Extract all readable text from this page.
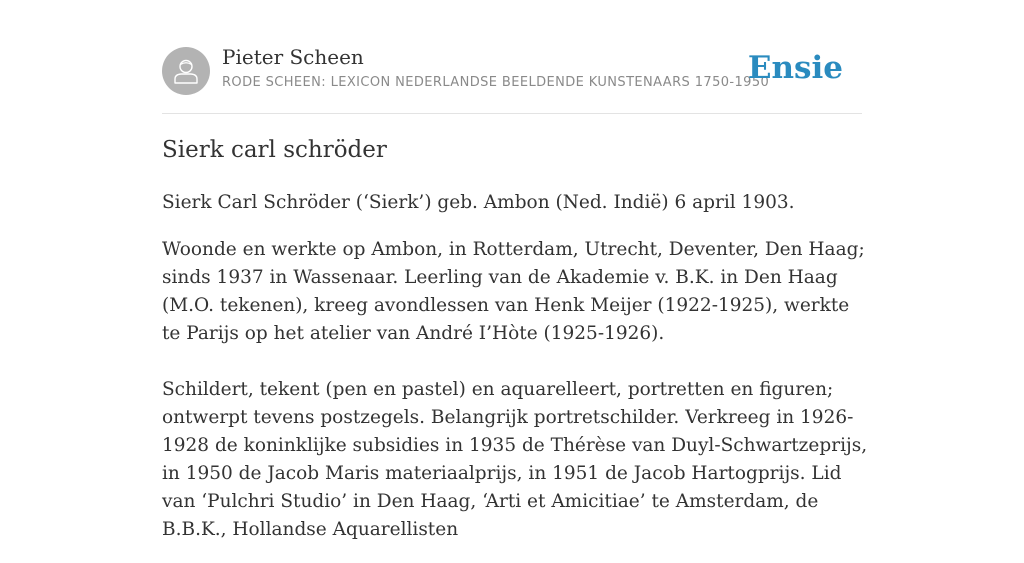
Pieter Scheen
RODE SCHEEN: LEXICON NEDERLANDSE BEELDENDE KUNSTENAARS 1750-1950
Ensie
Sierk carl schröder

Sierk Carl Schröder (‘Sierk’) geb. Ambon (Ned. Indië) 6 april 1903.

Woonde en werkte op Ambon, in Rotterdam, Utrecht, Deventer, Den Haag; sinds 1937 in Wassenaar. Leerling van de Akademie v. B.K. in Den Haag (M.O. tekenen), kreeg avondlessen van Henk Meijer (1922-1925), werkte te Parijs op het atelier van André I’Hòte (1925-1926).

Schildert, tekent (pen en pastel) en aquarelleert, portretten en figuren; ontwerpt tevens postzegels. Belangrijk portretschilder. Verkreeg in 1926-1928 de koninklijke subsidies in 1935 de Thérèse van Duyl-Schwartzeprijs, in 1950 de Jacob Maris materiaalprijs, in 1951 de Jacob Hartogprijs. Lid van ‘Pulchri Studio’ in Den Haag, ‘Arti et Amicitiae’ te Amsterdam, de B.B.K., Hollandse Aquarellisten
